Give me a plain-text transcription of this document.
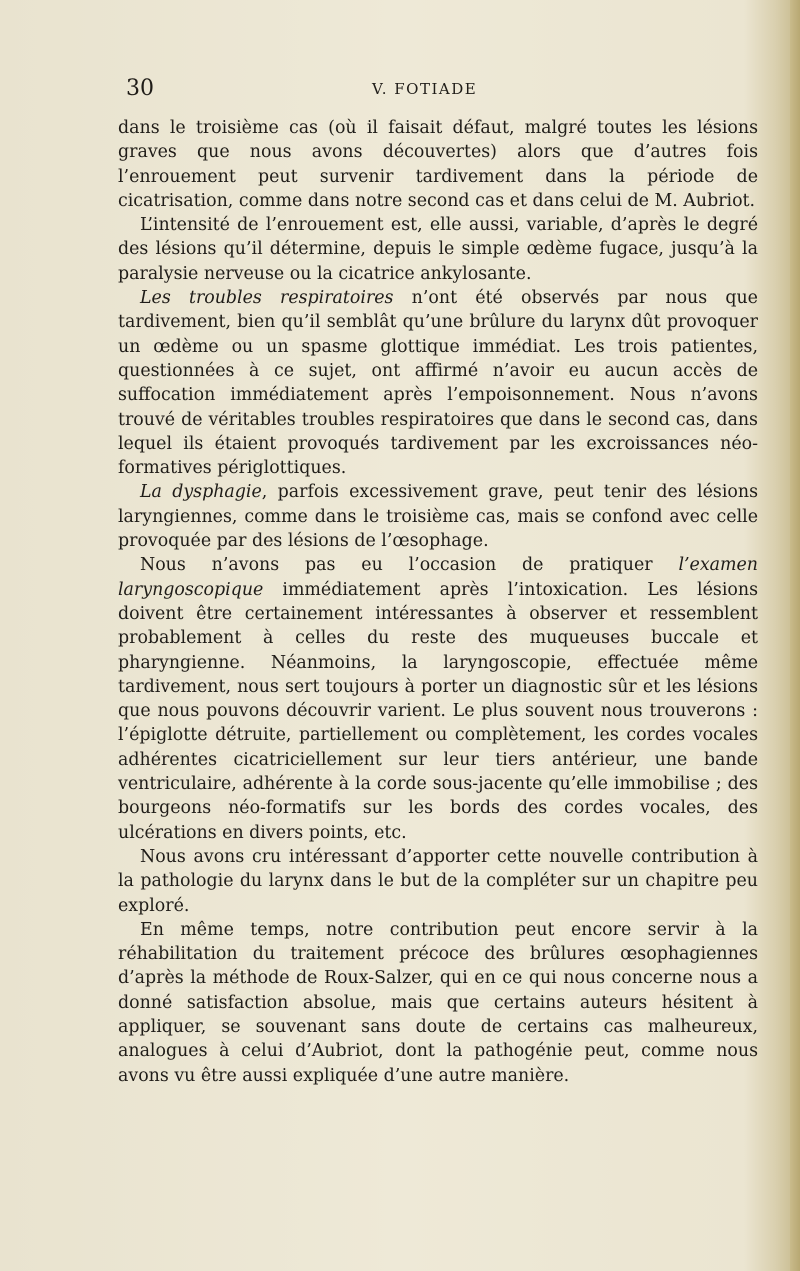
30	V. FOTIADE

dans le troisième cas (où il faisait défaut, malgré toutes les lésions graves que nous avons découvertes) alors que d’autres fois l’enrouement peut survenir tardivement dans la période de cicatrisation, comme dans notre second cas et dans celui de M. Aubriot.

L’intensité de l’enrouement est, elle aussi, variable, d’après le degré des lésions qu’il détermine, depuis le simple œdème fugace, jusqu’à la paralysie nerveuse ou la cicatrice ankylosante.

Les troubles respiratoires n’ont été observés par nous que tardivement, bien qu’il semblât qu’une brûlure du larynx dût provoquer un œdème ou un spasme glottique immédiat. Les trois patientes, questionnées à ce sujet, ont affirmé n’avoir eu aucun accès de suffocation immédiatement après l’empoisonnement. Nous n’avons trouvé de véritables troubles respiratoires que dans le second cas, dans lequel ils étaient provoqués tardivement par les excroissances néo-formatives périglottiques.

La dysphagie, parfois excessivement grave, peut tenir des lésions laryngiennes, comme dans le troisième cas, mais se confond avec celle provoquée par des lésions de l’œsophage.

Nous n’avons pas eu l’occasion de pratiquer l’examen laryngoscopique immédiatement après l’intoxication. Les lésions doivent être certainement intéressantes à observer et ressemblent probablement à celles du reste des muqueuses buccale et pharyngienne. Néanmoins, la laryngoscopie, effectuée même tardivement, nous sert toujours à porter un diagnostic sûr et les lésions que nous pouvons découvrir varient. Le plus souvent nous trouverons : l’épiglotte détruite, partiellement ou complètement, les cordes vocales adhérentes cicatriciellement sur leur tiers antérieur, une bande ventriculaire, adhérente à la corde sous-jacente qu’elle immobilise ; des bourgeons néo-formatifs sur les bords des cordes vocales, des ulcérations en divers points, etc.

Nous avons cru intéressant d’apporter cette nouvelle contribution à la pathologie du larynx dans le but de la compléter sur un chapitre peu exploré.

En même temps, notre contribution peut encore servir à la réhabilitation du traitement précoce des brûlures œsophagiennes d’après la méthode de Roux-Salzer, qui en ce qui nous concerne nous a donné satisfaction absolue, mais que certains auteurs hésitent à appliquer, se souvenant sans doute de certains cas malheureux, analogues à celui d’Aubriot, dont la pathogénie peut, comme nous avons vu être aussi expliquée d’une autre manière.
